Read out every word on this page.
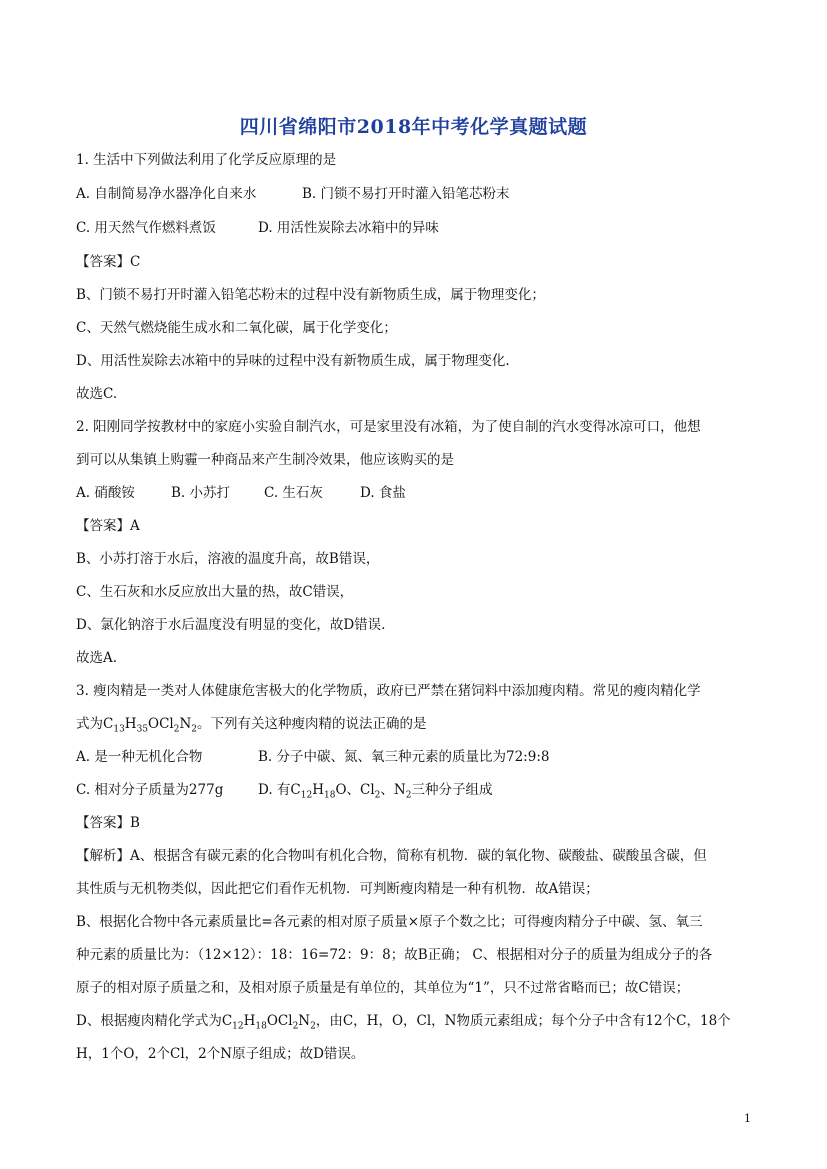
四川省绵阳市2018年中考化学真题试题
1. 生活中下列做法利用了化学反应原理的是
A. 自制简易净水器净化自来水	B. 门锁不易打开时灌入铅笔芯粉末
C. 用天然气作燃料煮饭	D. 用活性炭除去冰箱中的异味
【答案】C
B、门锁不易打开时灌入铅笔芯粉末的过程中没有新物质生成，属于物理变化；
C、天然气燃烧能生成水和二氧化碳，属于化学变化；
D、用活性炭除去冰箱中的异味的过程中没有新物质生成，属于物理变化.
故选C.
2. 阳刚同学按教材中的家庭小实验自制汽水，可是家里没有冰箱，为了使自制的汽水变得冰凉可口，他想
到可以从集镇上购霾一种商品来产生制冷效果，他应该购买的是
A. 硝酸铵	B. 小苏打	C. 生石灰	D. 食盐
【答案】A
B、小苏打溶于水后，溶液的温度升高，故B错误，
C、生石灰和水反应放出大量的热，故C错误，
D、氯化钠溶于水后温度没有明显的变化，故D错误.
故选A.
3. 瘦肉精是一类对人体健康危害极大的化学物质，政府已严禁在猪饲料中添加瘦肉精。常见的瘦肉精化学
式为$C_{13}H_{35}OCl_2N_2$。下列有关这种瘦肉精的说法正确的是
A. 是一种无机化合物	B. 分子中碳、氮、氧三种元素的质量比为72:9:8
C. 相对分子质量为277g	D. 有$C_{12}H_{18}O$、$Cl_2$、$N_2$三种分子组成
【答案】B
【解析】A、根据含有碳元素的化合物叫有机化合物，简称有机物．碳的氧化物、碳酸盐、碳酸虽含碳，但
其性质与无机物类似，因此把它们看作无机物．可判断瘦肉精是一种有机物．故A错误；
B、根据化合物中各元素质量比=各元素的相对原子质量×原子个数之比；可得瘦肉精分子中碳、氢、氧三
种元素的质量比为：（12×12）：18：16=72：9：8；故B正确； C、根据相对分子的质量为组成分子的各
原子的相对原子质量之和，及相对原子质量是有单位的，其单位为“1”，只不过常省略而已；故C错误；
D、根据瘦肉精化学式为$C_{12}H_{18}OCl_2N_2$，由C，H，O，Cl，N物质元素组成；每个分子中含有12个C，18个
H，1个O，2个Cl，2个N原子组成；故D错误。
1
